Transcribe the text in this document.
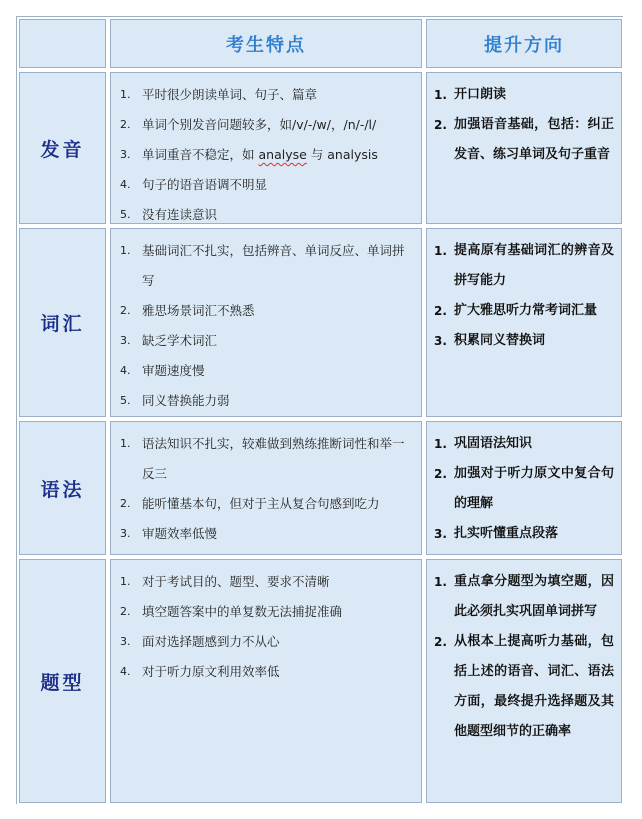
考生特点	提升方向
发音
1. 平时很少朗读单词、句子、篇章
2. 单词个别发音问题较多，如/v/-/w/，/n/-/l/
3. 单词重音不稳定，如 analyse 与 analysis
4. 句子的语音语调不明显
5. 没有连读意识
1. 开口朗读
2. 加强语音基础，包括：纠正发音、练习单词及句子重音
词汇
1. 基础词汇不扎实，包括辨音、单词反应、单词拼写
2. 雅思场景词汇不熟悉
3. 缺乏学术词汇
4. 审题速度慢
5. 同义替换能力弱
1. 提高原有基础词汇的辨音及拼写能力
2. 扩大雅思听力常考词汇量
3. 积累同义替换词
语法
1. 语法知识不扎实，较难做到熟练推断词性和举一反三
2. 能听懂基本句，但对于主从复合句感到吃力
3. 审题效率低慢
1. 巩固语法知识
2. 加强对于听力原文中复合句的理解
3. 扎实听懂重点段落
题型
1. 对于考试目的、题型、要求不清晰
2. 填空题答案中的单复数无法捕捉准确
3. 面对选择题感到力不从心
4. 对于听力原文利用效率低
1. 重点拿分题型为填空题，因此必须扎实巩固单词拼写
2. 从根本上提高听力基础，包括上述的语音、词汇、语法方面，最终提升选择题及其他题型细节的正确率
